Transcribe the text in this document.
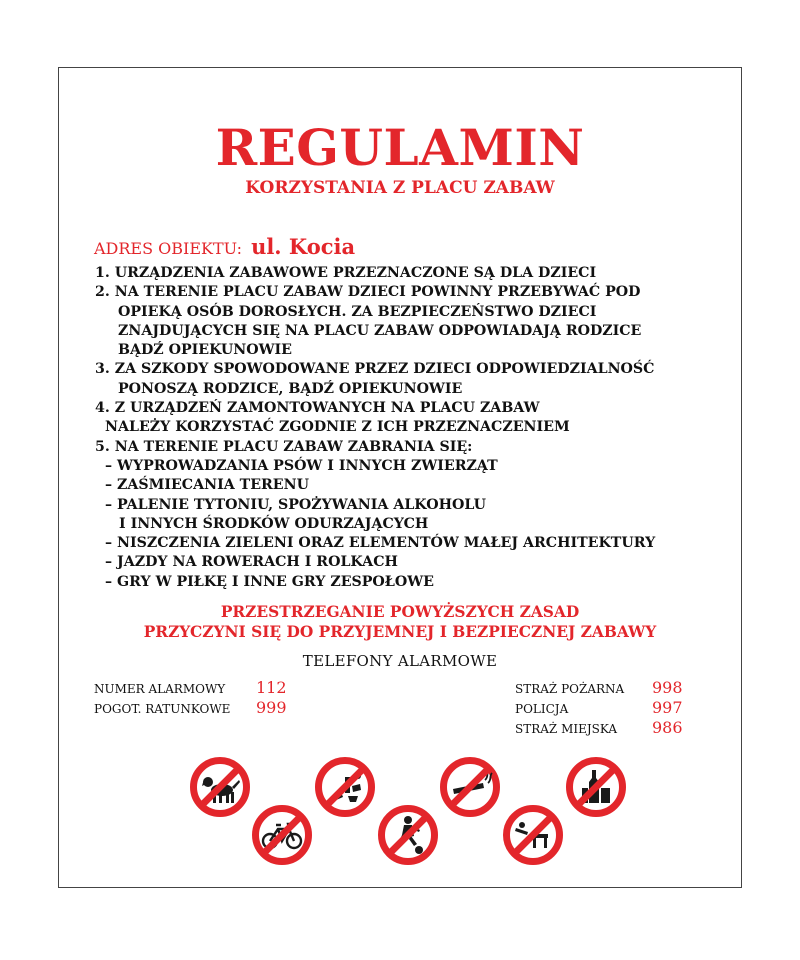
REGULAMIN
KORZYSTANIA Z PLACU ZABAW
ADRES OBIEKTU: ul. Kocia
1. URZĄDZENIA ZABAWOWE PRZEZNACZONE SĄ DLA DZIECI
2. NA TERENIE PLACU ZABAW DZIECI POWINNY PRZEBYWAĆ POD
OPIEKĄ OSÓB DOROSŁYCH. ZA BEZPIECZEŃSTWO DZIECI
ZNAJDUJĄCYCH SIĘ NA PLACU ZABAW ODPOWIADAJĄ RODZICE
BĄDŹ OPIEKUNOWIE
3. ZA SZKODY SPOWODOWANE PRZEZ DZIECI ODPOWIEDZIALNOŚĆ
PONOSZĄ RODZICE, BĄDŹ OPIEKUNOWIE
4. Z URZĄDZEŃ ZAMONTOWANYCH NA PLACU ZABAW
NALEŻY KORZYSTAĆ ZGODNIE Z ICH PRZEZNACZENIEM
5. NA TERENIE PLACU ZABAW ZABRANIA SIĘ:
– WYPROWADZANIA PSÓW I INNYCH ZWIERZĄT
– ZAŚMIECANIA TERENU
– PALENIE TYTONIU, SPOŻYWANIA ALKOHOLU
I INNYCH ŚRODKÓW ODURZAJĄCYCH
– NISZCZENIA ZIELENI ORAZ ELEMENTÓW MAŁEJ ARCHITEKTURY
– JAZDY NA ROWERACH I ROLKACH
– GRY W PIŁKĘ I INNE GRY ZESPOŁOWE
PRZESTRZEGANIE POWYŻSZYCH ZASAD
PRZYCZYNI SIĘ DO PRZYJEMNEJ I BEZPIECZNEJ ZABAWY
TELEFONY ALARMOWE
NUMER ALARMOWY 112
POGOT. RATUNKOWE 999
STRAŻ POŻARNA 998
POLICJA	997
STRAŻ MIEJSKA 986
